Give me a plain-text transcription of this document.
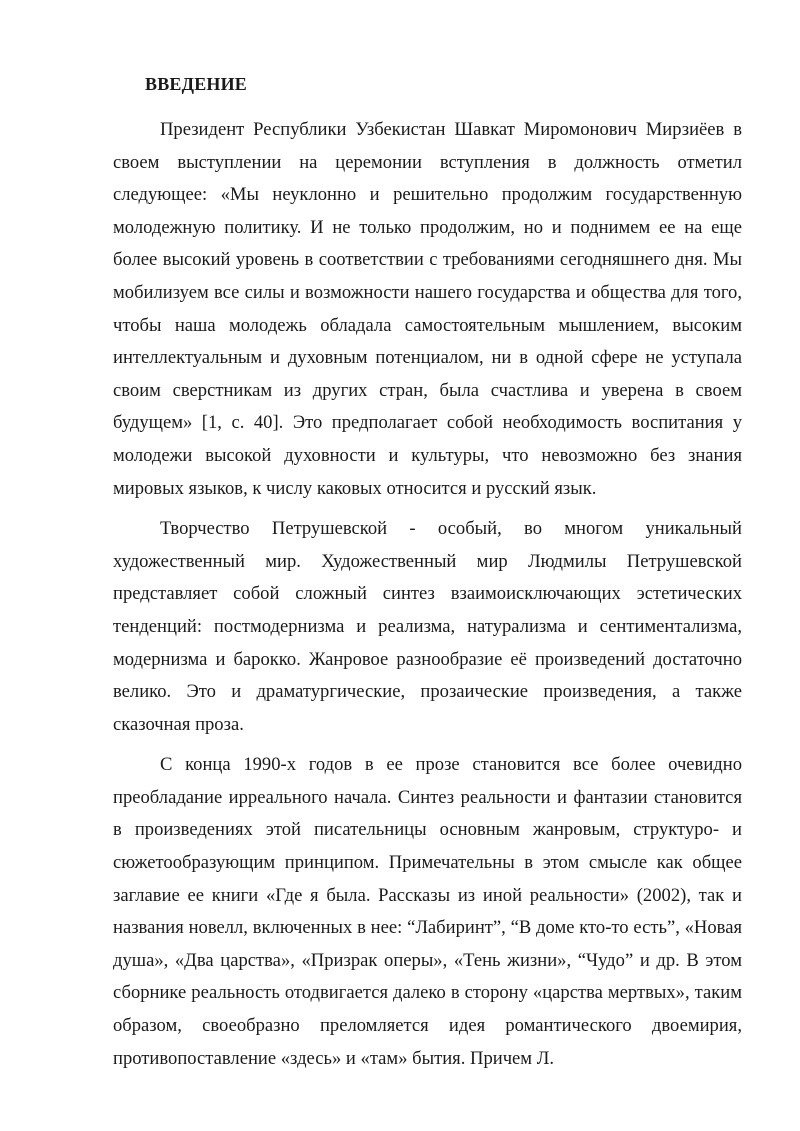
ВВЕДЕНИЕ

Президент Республики Узбекистан Шавкат Миромонович Мирзиёев в своем выступлении на церемонии вступления в должность отметил следующее: «Мы неуклонно и решительно продолжим государственную молодежную политику. И не только продолжим, но и поднимем ее на еще более высокий уровень в соответствии с требованиями сегодняшнего дня. Мы мобилизуем все силы и возможности нашего государства и общества для того, чтобы наша молодежь обладала самостоятельным мышлением, высоким интеллектуальным и духовным потенциалом, ни в одной сфере не уступала своим сверстникам из других стран, была счастлива и уверена в своем будущем» [1, с. 40]. Это предполагает собой необходимость воспитания у молодежи высокой духовности и культуры, что невозможно без знания мировых языков, к числу каковых относится и русский язык.

Творчество Петрушевской - особый, во многом уникальный художественный мир. Художественный мир Людмилы Петрушевской представляет собой сложный синтез взаимоисключающих эстетических тенденций: постмодернизма и реализма, натурализма и сентиментализма, модернизма и барокко. Жанровое разнообразие её произведений достаточно велико. Это и драматургические, прозаические произведения, а также сказочная проза.

С конца 1990-х годов в ее прозе становится все более очевидно преобладание ирреального начала. Синтез реальности и фантазии становится в произведениях этой писательницы основным жанровым, структуро- и сюжетообразующим принципом. Примечательны в этом смысле как общее заглавие ее книги «Где я была. Рассказы из иной реальности» (2002), так и названия новелл, включенных в нее: “Лабиринт”, “В доме кто-то есть”, «Новая душа», «Два царства», «Призрак оперы», «Тень жизни», “Чудо” и др. В этом сборнике реальность отодвигается далеко в сторону «царства мертвых», таким образом, своеобразно преломляется идея романтического двоемирия, противопоставление «здесь» и «там» бытия. Причем Л.
